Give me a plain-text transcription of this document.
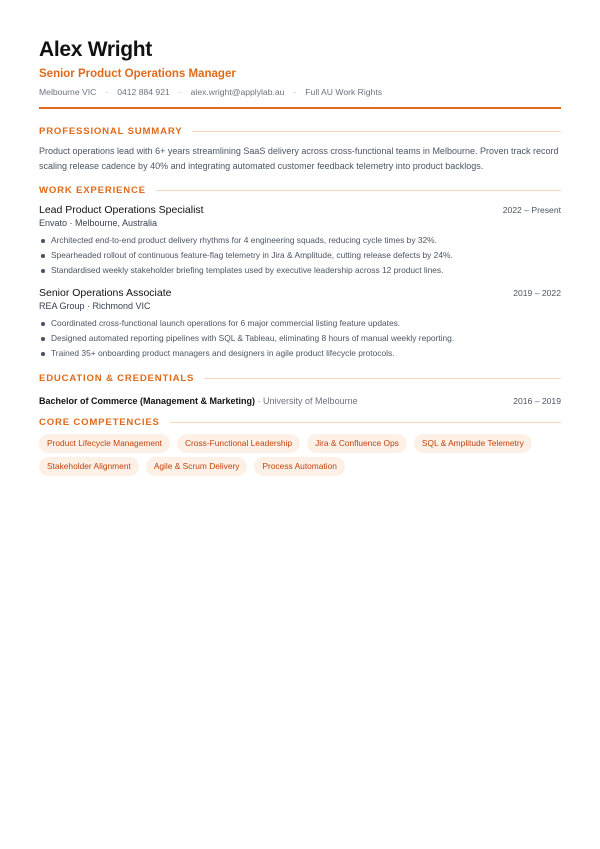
Alex Wright
Senior Product Operations Manager
Melbourne VIC · 0412 884 921 · alex.wright@applylab.au · Full AU Work Rights
PROFESSIONAL SUMMARY
Product operations lead with 6+ years streamlining SaaS delivery across cross-functional teams in Melbourne. Proven track record scaling release cadence by 40% and integrating automated customer feedback telemetry into product backlogs.
WORK EXPERIENCE
Lead Product Operations Specialist	2022 – Present
Envato · Melbourne, Australia
Architected end-to-end product delivery rhythms for 4 engineering squads, reducing cycle times by 32%.
Spearheaded rollout of continuous feature-flag telemetry in Jira & Amplitude, cutting release defects by 24%.
Standardised weekly stakeholder briefing templates used by executive leadership across 12 product lines.
Senior Operations Associate	2019 – 2022
REA Group · Richmond VIC
Coordinated cross-functional launch operations for 6 major commercial listing feature updates.
Designed automated reporting pipelines with SQL & Tableau, eliminating 8 hours of manual weekly reporting.
Trained 35+ onboarding product managers and designers in agile product lifecycle protocols.
EDUCATION & CREDENTIALS
Bachelor of Commerce (Management & Marketing) · University of Melbourne	2016 – 2019
CORE COMPETENCIES
Product Lifecycle Management	Cross-Functional Leadership	Jira & Confluence Ops	SQL & Amplitude Telemetry
Stakeholder Alignment	Agile & Scrum Delivery	Process Automation
